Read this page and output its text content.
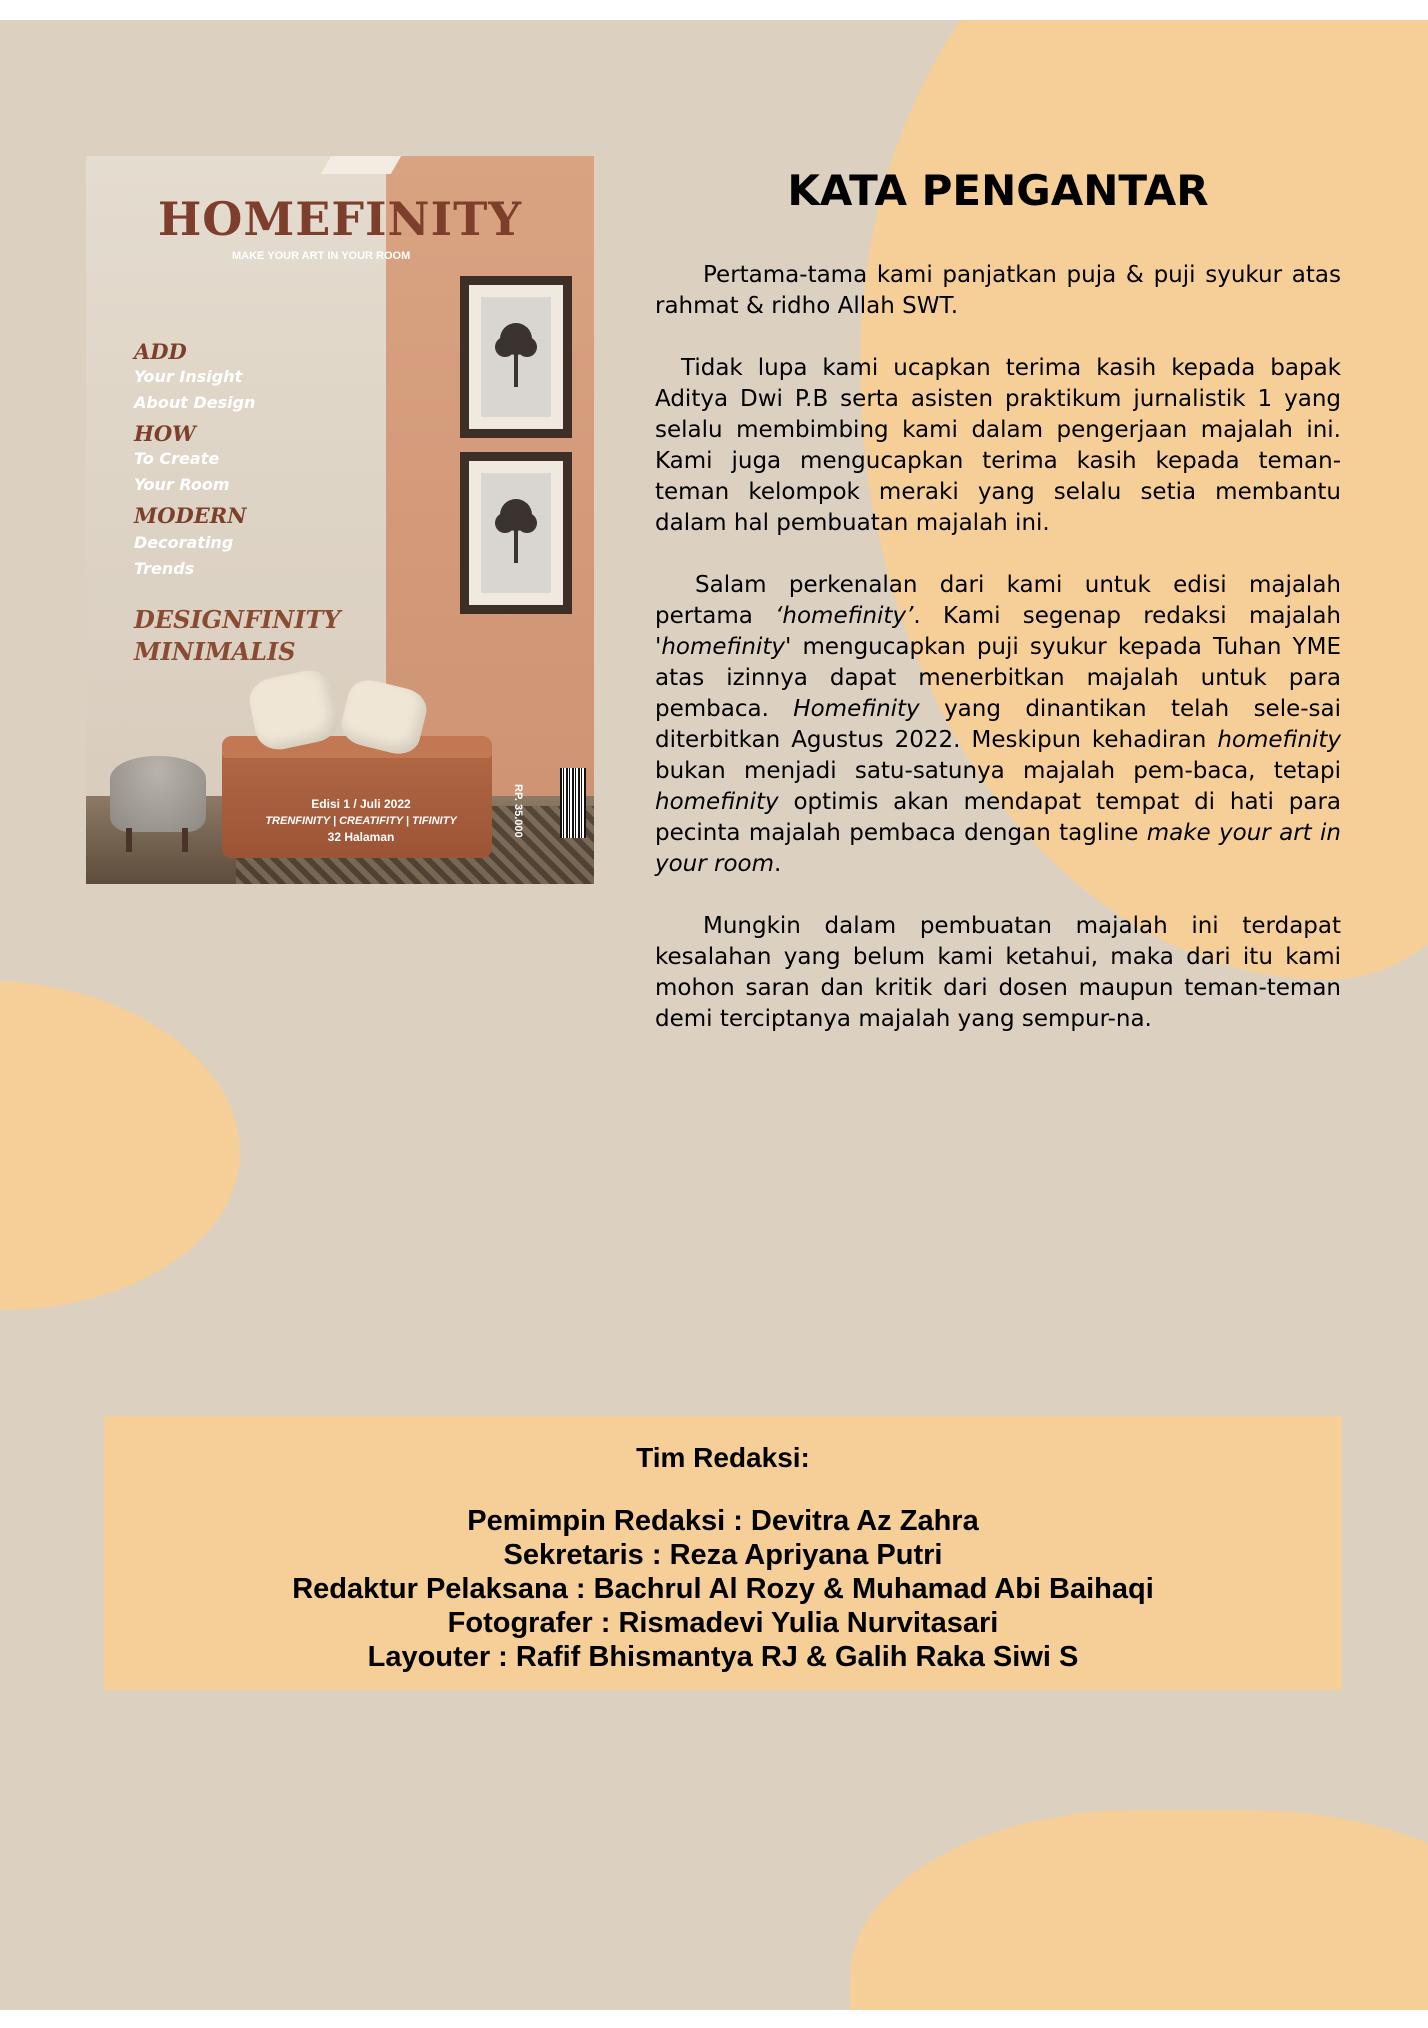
HOMEFINITY

MAKE YOUR ART IN YOUR ROOM

ADD

Your Insight

About Design

HOW

To Create

Your Room

MODERN

Decorating

Trends

DESIGNFINITY

MINIMALIS

Edisi 1 / Juli 2022
TRENFINITY | CREATIFITY | TIFINITY
32 Halaman	RP. 35.000

KATA PENGANTAR

Pertama-tama kami panjatkan puja & puji syukur atas rahmat & ridho Allah SWT.

Tidak lupa kami ucapkan terima kasih kepada bapak Aditya Dwi P.B serta asisten praktikum jurnalistik 1 yang selalu membimbing kami dalam pengerjaan majalah ini. Kami juga mengucapkan terima kasih kepada teman-teman kelompok meraki yang selalu setia membantu dalam hal pembuatan majalah ini.

Salam perkenalan dari kami untuk edisi majalah pertama ‘homefinity’. Kami segenap redaksi majalah 'homefinity' mengucapkan puji syukur kepada Tuhan YME atas izinnya dapat menerbitkan majalah untuk para pembaca. Homefinity yang dinantikan telah sele-sai diterbitkan Agustus 2022. Meskipun kehadiran homefinity bukan menjadi satu-satunya majalah pem-baca, tetapi homefinity optimis akan mendapat tempat di hati para pecinta majalah pembaca dengan tagline make your art in your room.

Mungkin dalam pembuatan majalah ini terdapat kesalahan yang belum kami ketahui, maka dari itu kami mohon saran dan kritik dari dosen maupun teman-teman demi terciptanya majalah yang sempur-na.

Tim Redaksi:

Pemimpin Redaksi : Devitra Az Zahra
Sekretaris : Reza Apriyana Putri
Redaktur Pelaksana : Bachrul Al Rozy & Muhamad Abi Baihaqi
Fotografer : Rismadevi Yulia Nurvitasari
Layouter : Rafif Bhismantya RJ & Galih Raka Siwi S
